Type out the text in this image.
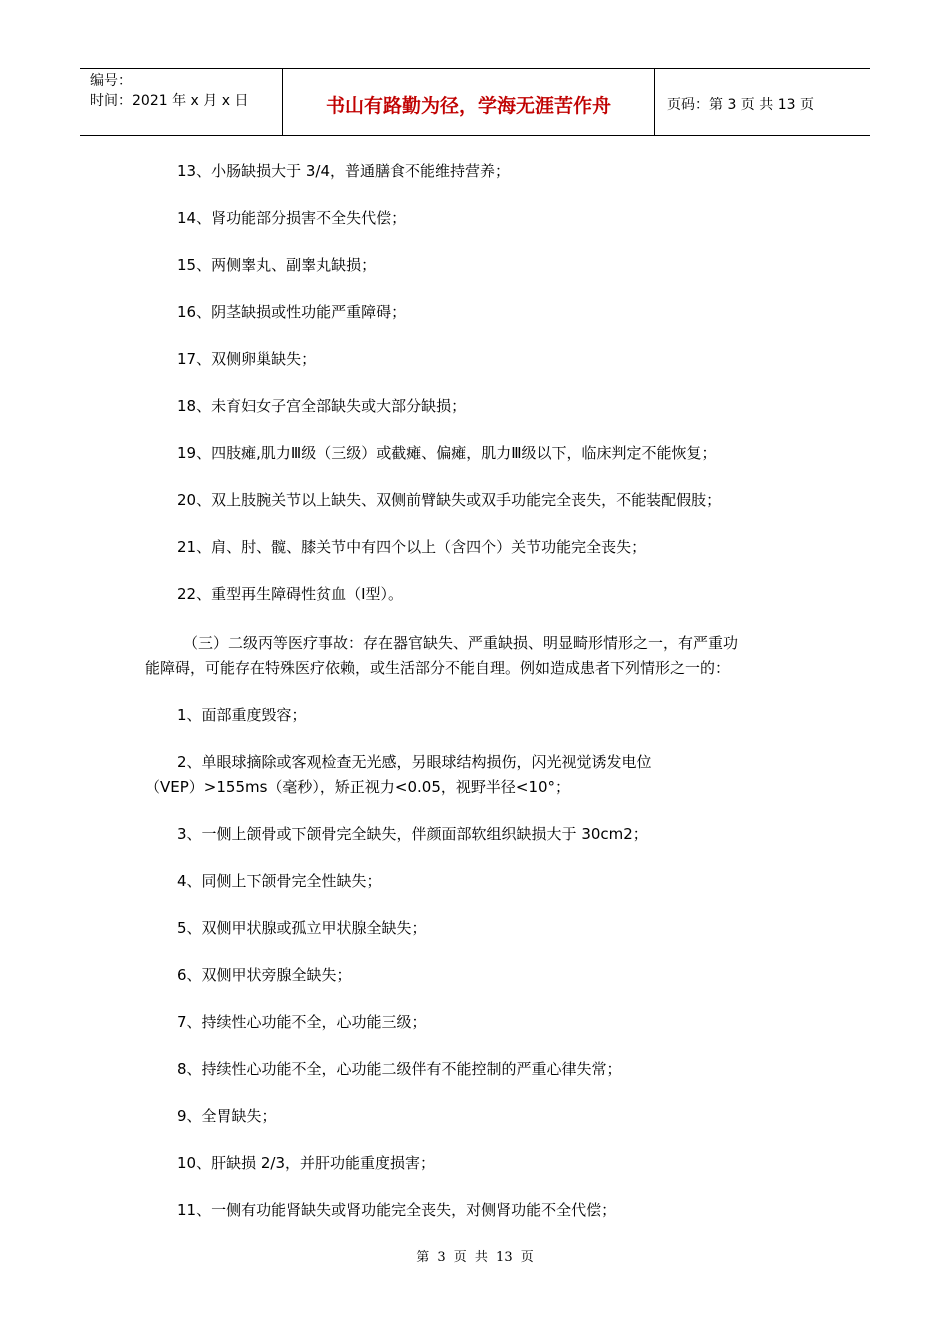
编号：
时间：2021 年 x 月 x 日	书山有路勤为径，学海无涯苦作舟	页码：第 3 页 共 13 页
13、小肠缺损大于 3/4，普通膳食不能维持营养；
14、肾功能部分损害不全失代偿；
15、两侧睾丸、副睾丸缺损；
16、阴茎缺损或性功能严重障碍；
17、双侧卵巢缺失；
18、未育妇女子宫全部缺失或大部分缺损；
19、四肢瘫,肌力Ⅲ级（三级）或截瘫、偏瘫，肌力Ⅲ级以下，临床判定不能恢复；
20、双上肢腕关节以上缺失、双侧前臂缺失或双手功能完全丧失，不能装配假肢；
21、肩、肘、髋、膝关节中有四个以上（含四个）关节功能完全丧失；
22、重型再生障碍性贫血（Ⅰ型）。
（三）二级丙等医疗事故：存在器官缺失、严重缺损、明显畸形情形之一，有严重功
能障碍，可能存在特殊医疗依赖，或生活部分不能自理。例如造成患者下列情形之一的：
1、面部重度毁容；
2、单眼球摘除或客观检查无光感，另眼球结构损伤，闪光视觉诱发电位
（VEP）>155ms（毫秒），矫正视力<0.05，视野半径<10°；
3、一侧上颌骨或下颌骨完全缺失，伴颜面部软组织缺损大于 30cm2；
4、同侧上下颌骨完全性缺失；
5、双侧甲状腺或孤立甲状腺全缺失；
6、双侧甲状旁腺全缺失；
7、持续性心功能不全，心功能三级；
8、持续性心功能不全，心功能二级伴有不能控制的严重心律失常；
9、全胃缺失；
10、肝缺损 2/3，并肝功能重度损害；
11、一侧有功能肾缺失或肾功能完全丧失，对侧肾功能不全代偿；
第 3 页 共 13 页
